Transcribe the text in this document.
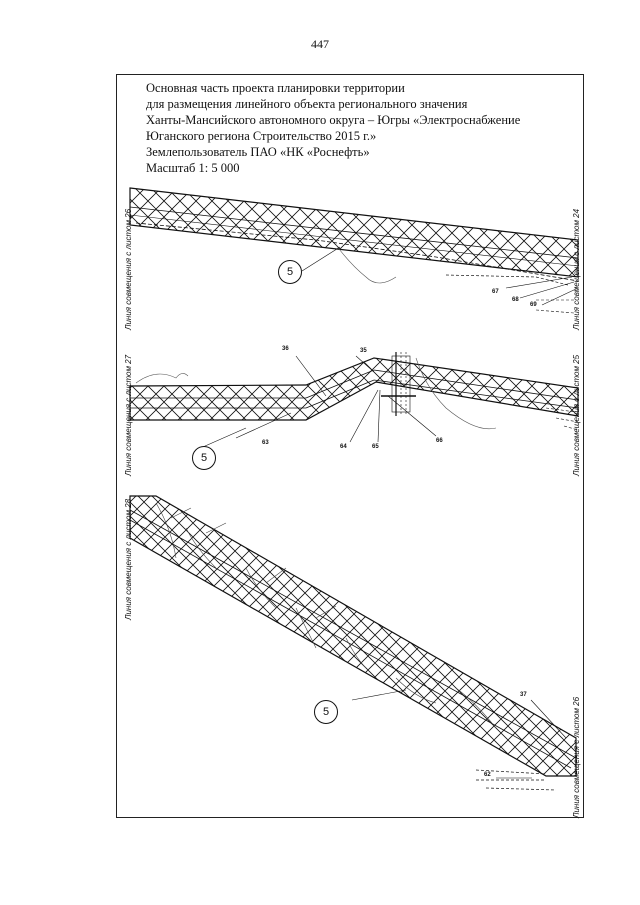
447
Основная часть проекта планировки территории
для размещения линейного объекта регионального значения
Ханты-Мансийского автономного округа – Югры «Электроснабжение
Юганского региона Строительство 2015 г.»
Землепользователь ПАО «НК «Роснефть»
Масштаб 1: 5 000
5
67
68
69
Линия совмещения с листом 26	Линия совмещения с листом 24
5
36	35
63
64	65
66
Линия совмещения с листом 27	Линия совмещения с листом 25
5
37
62
Линия совмещения с листом 28
Линия совмещения с листом 26
